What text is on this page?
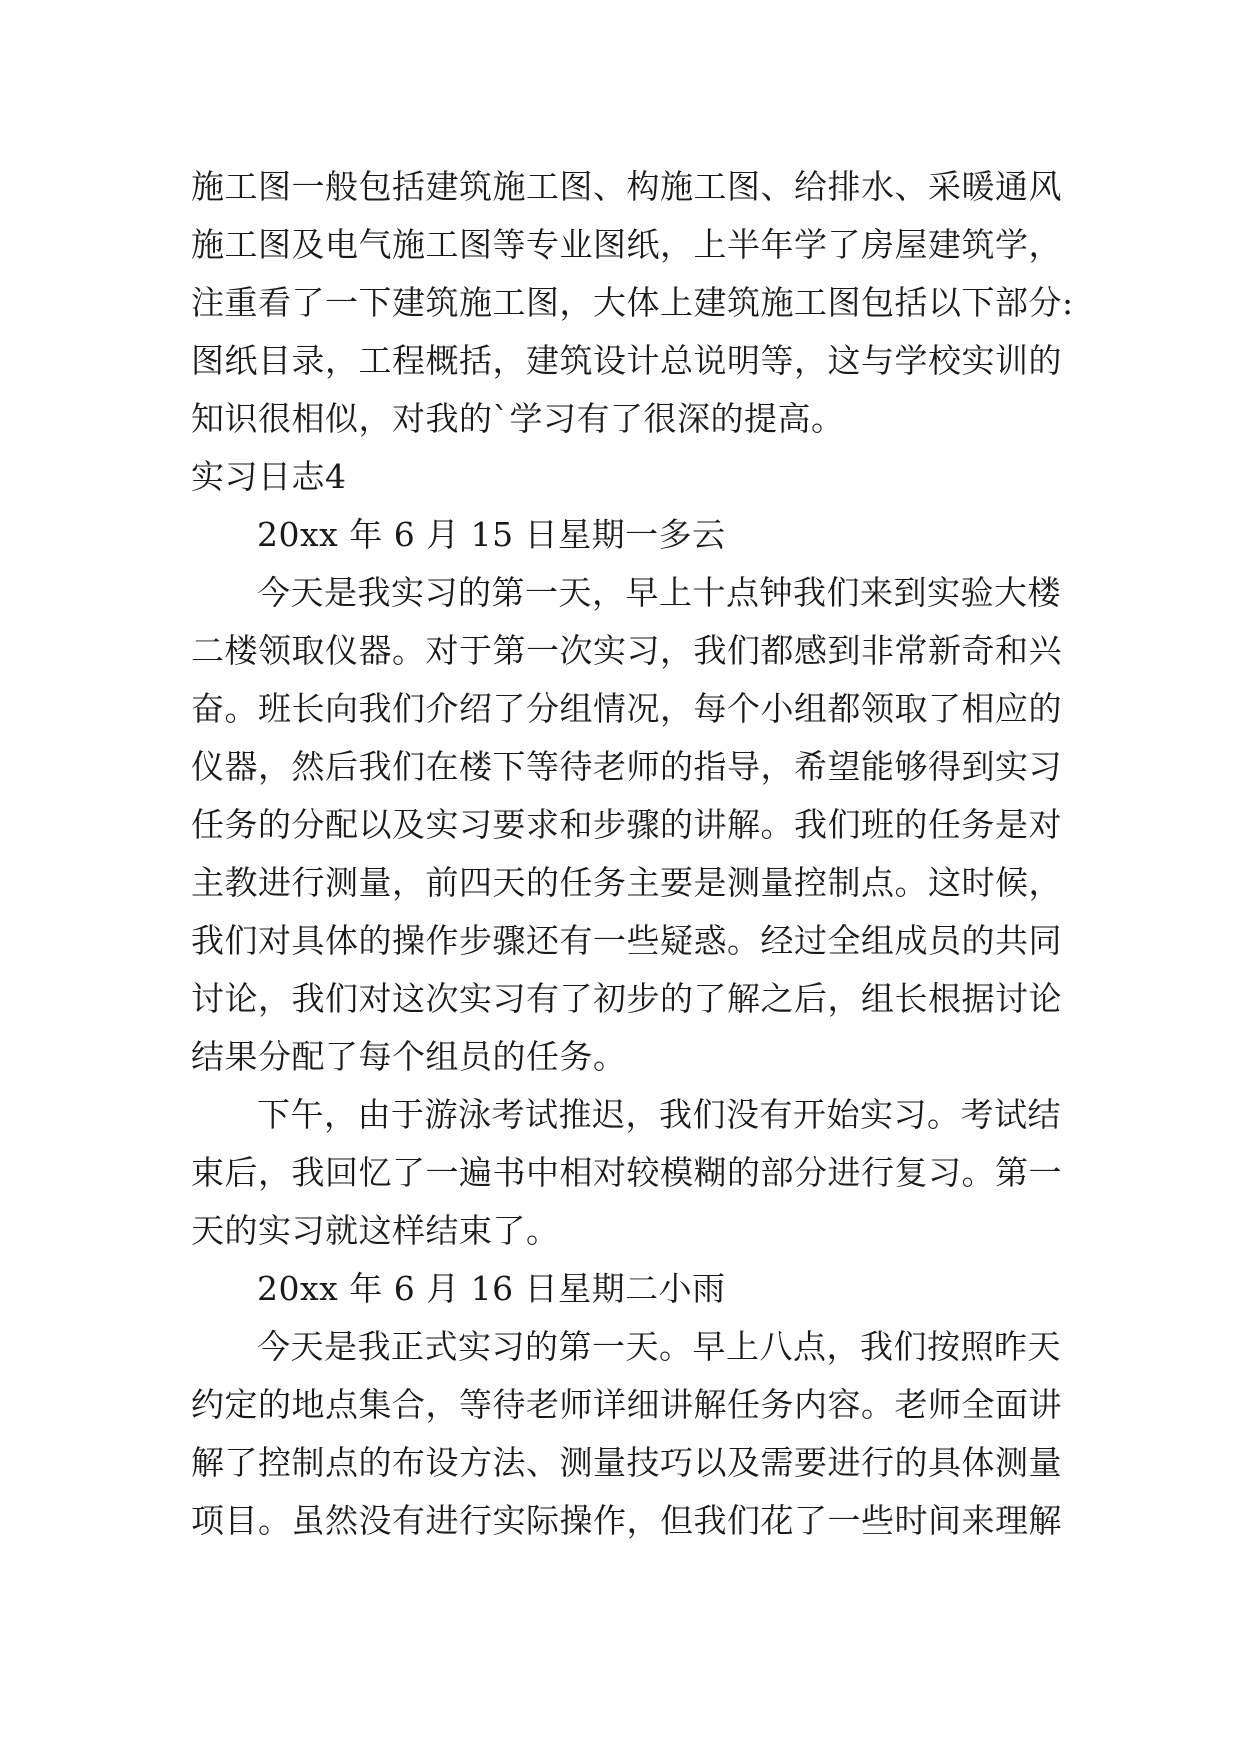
施工图一般包括建筑施工图、构施工图、给排水、采暖通风
施工图及电气施工图等专业图纸，上半年学了房屋建筑学，
注重看了一下建筑施工图，大体上建筑施工图包括以下部分:
图纸目录，工程概括，建筑设计总说明等，这与学校实训的
知识很相似，对我的`学习有了很深的提高。
实习日志4
20xx 年 6 月 15 日星期一多云
今天是我实习的第一天，早上十点钟我们来到实验大楼
二楼领取仪器。对于第一次实习，我们都感到非常新奇和兴
奋。班长向我们介绍了分组情况，每个小组都领取了相应的
仪器，然后我们在楼下等待老师的指导，希望能够得到实习
任务的分配以及实习要求和步骤的讲解。我们班的任务是对
主教进行测量，前四天的任务主要是测量控制点。这时候，
我们对具体的操作步骤还有一些疑惑。经过全组成员的共同
讨论，我们对这次实习有了初步的了解之后，组长根据讨论
结果分配了每个组员的任务。
下午，由于游泳考试推迟，我们没有开始实习。考试结
束后，我回忆了一遍书中相对较模糊的部分进行复习。第一
天的实习就这样结束了。
20xx 年 6 月 16 日星期二小雨
今天是我正式实习的第一天。早上八点，我们按照昨天
约定的地点集合，等待老师详细讲解任务内容。老师全面讲
解了控制点的布设方法、测量技巧以及需要进行的具体测量
项目。虽然没有进行实际操作，但我们花了一些时间来理解
